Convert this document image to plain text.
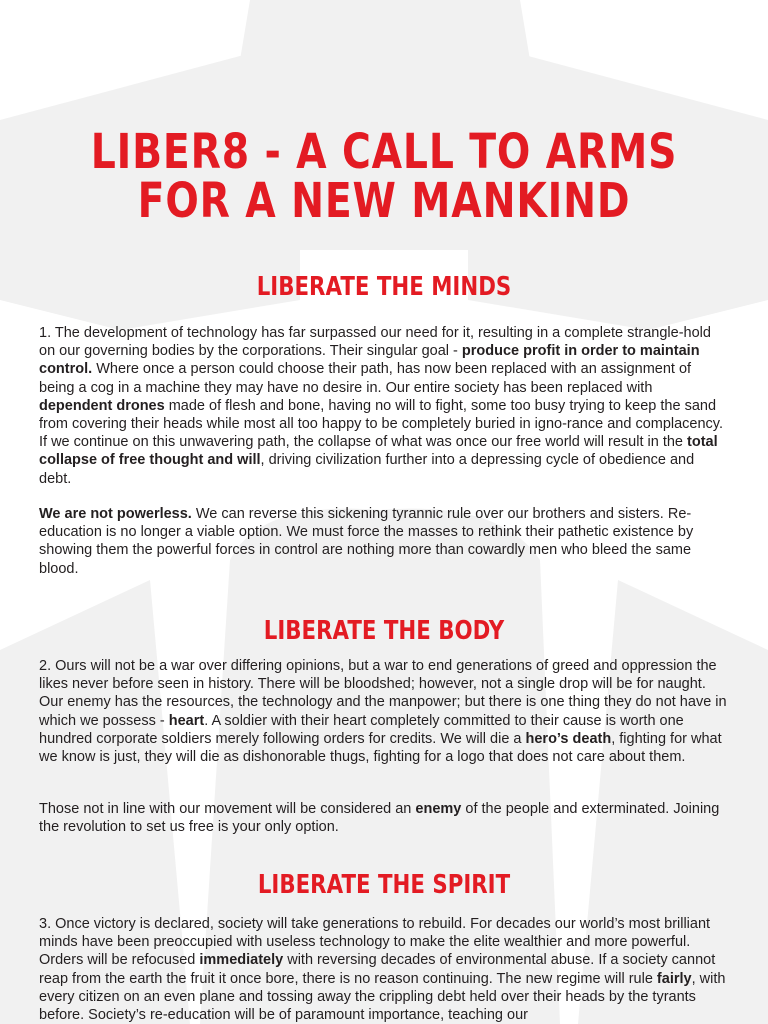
LIBER8 - A CALL TO ARMS
FOR A NEW MANKIND
LIBERATE THE MINDS

1. The development of technology has far surpassed our need for it, resulting in a complete strangle-hold on our governing bodies by the corporations. Their singular goal - produce profit in order to maintain control. Where once a person could choose their path, has now been replaced with an assignment of being a cog in a machine they may have no desire in. Our entire society has been replaced with dependent drones made of flesh and bone, having no will to fight, some too busy trying to keep the sand from covering their heads while most all too happy to be completely buried in igno-rance and complacency. If we continue on this unwavering path, the collapse of what was once our free world will result in the total collapse of free thought and will, driving civilization further into a depressing cycle of obedience and debt.

We are not powerless. We can reverse this sickening tyrannic rule over our brothers and sisters. Re-education is no longer a viable option. We must force the masses to rethink their pathetic existence by showing them the powerful forces in control are nothing more than cowardly men who bleed the same blood.

LIBERATE THE BODY

2. Ours will not be a war over differing opinions, but a war to end generations of greed and oppression the likes never before seen in history. There will be bloodshed; however, not a single drop will be for naught. Our enemy has the resources, the technology and the manpower; but there is one thing they do not have in which we possess - heart. A soldier with their heart completely committed to their cause is worth one hundred corporate soldiers merely following orders for credits. We will die a hero’s death, fighting for what we know is just, they will die as dishonorable thugs, fighting for a logo that does not care about them.

Those not in line with our movement will be considered an enemy of the people and exterminated. Joining the revolution to set us free is your only option.

LIBERATE THE SPIRIT

3. Once victory is declared, society will take generations to rebuild. For decades our world’s most brilliant minds have been preoccupied with useless technology to make the elite wealthier and more powerful. Orders will be refocused immediately with reversing decades of environmental abuse. If a society cannot reap from the earth the fruit it once bore, there is no reason continuing. The new regime will rule fairly, with every citizen on an even plane and tossing away the crippling debt held over their heads by the tyrants before. Society’s re-education will be of paramount importance, teaching our
